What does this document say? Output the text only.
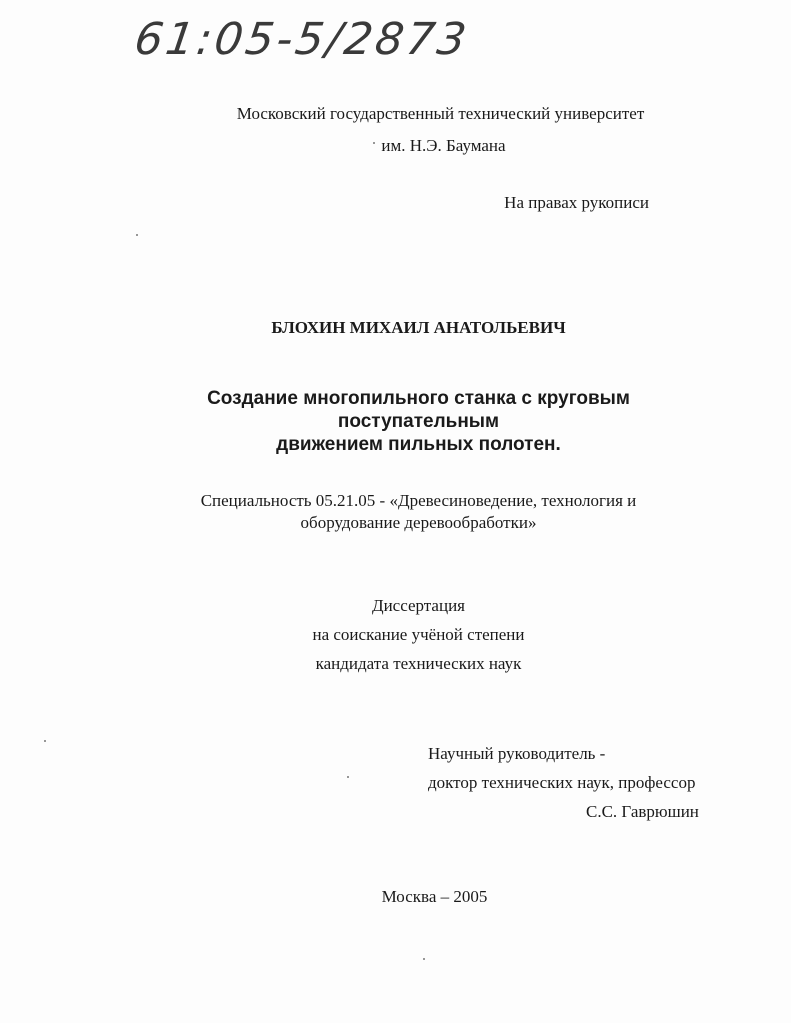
61:05-5/2873
Московский государственный технический университет
им. Н.Э. Баумана
На правах рукописи
БЛОХИН МИХАИЛ АНАТОЛЬЕВИЧ
Создание многопильного станка с круговым
поступательным
движением пильных полотен.
Специальность 05.21.05 - «Древесиноведение, технология и
оборудование деревообработки»
Диссертация
на соискание учёной степени
кандидата технических наук
Научный руководитель -
доктор технических наук, профессор
С.С. Гаврюшин
Москва – 2005
